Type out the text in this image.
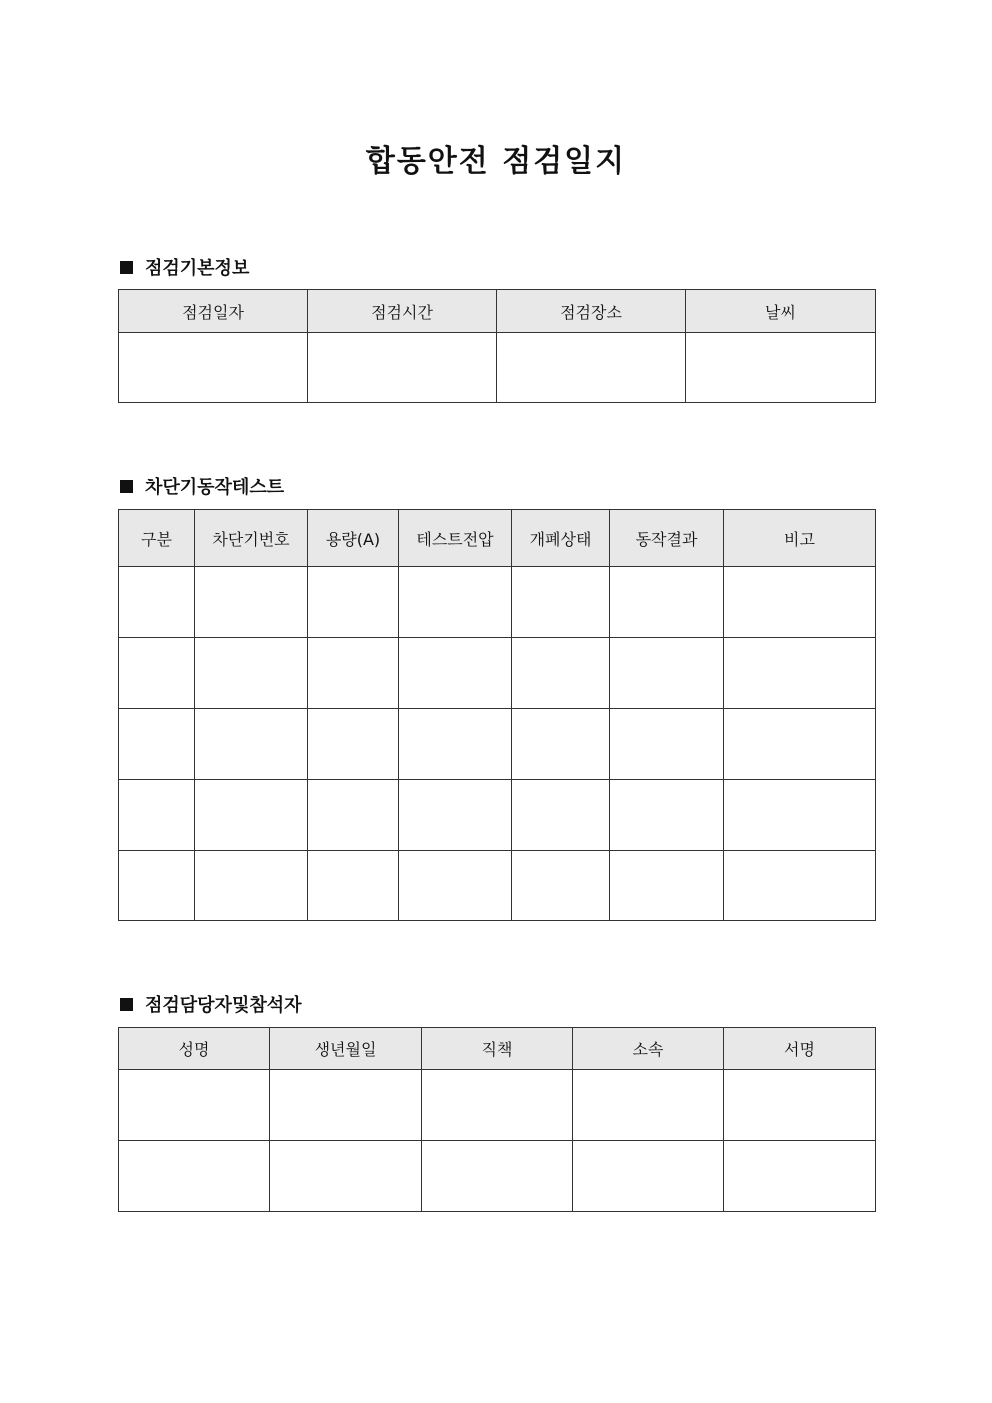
합동안전 점검일지
점검기본정보
점검일자	점검시간	점검장소	날씨

차단기동작테스트
구분	차단기번호	용량(A)	테스트전압	개폐상태	동작결과	비고

점검담당자및참석자
성명	생년월일	직책	소속	서명
